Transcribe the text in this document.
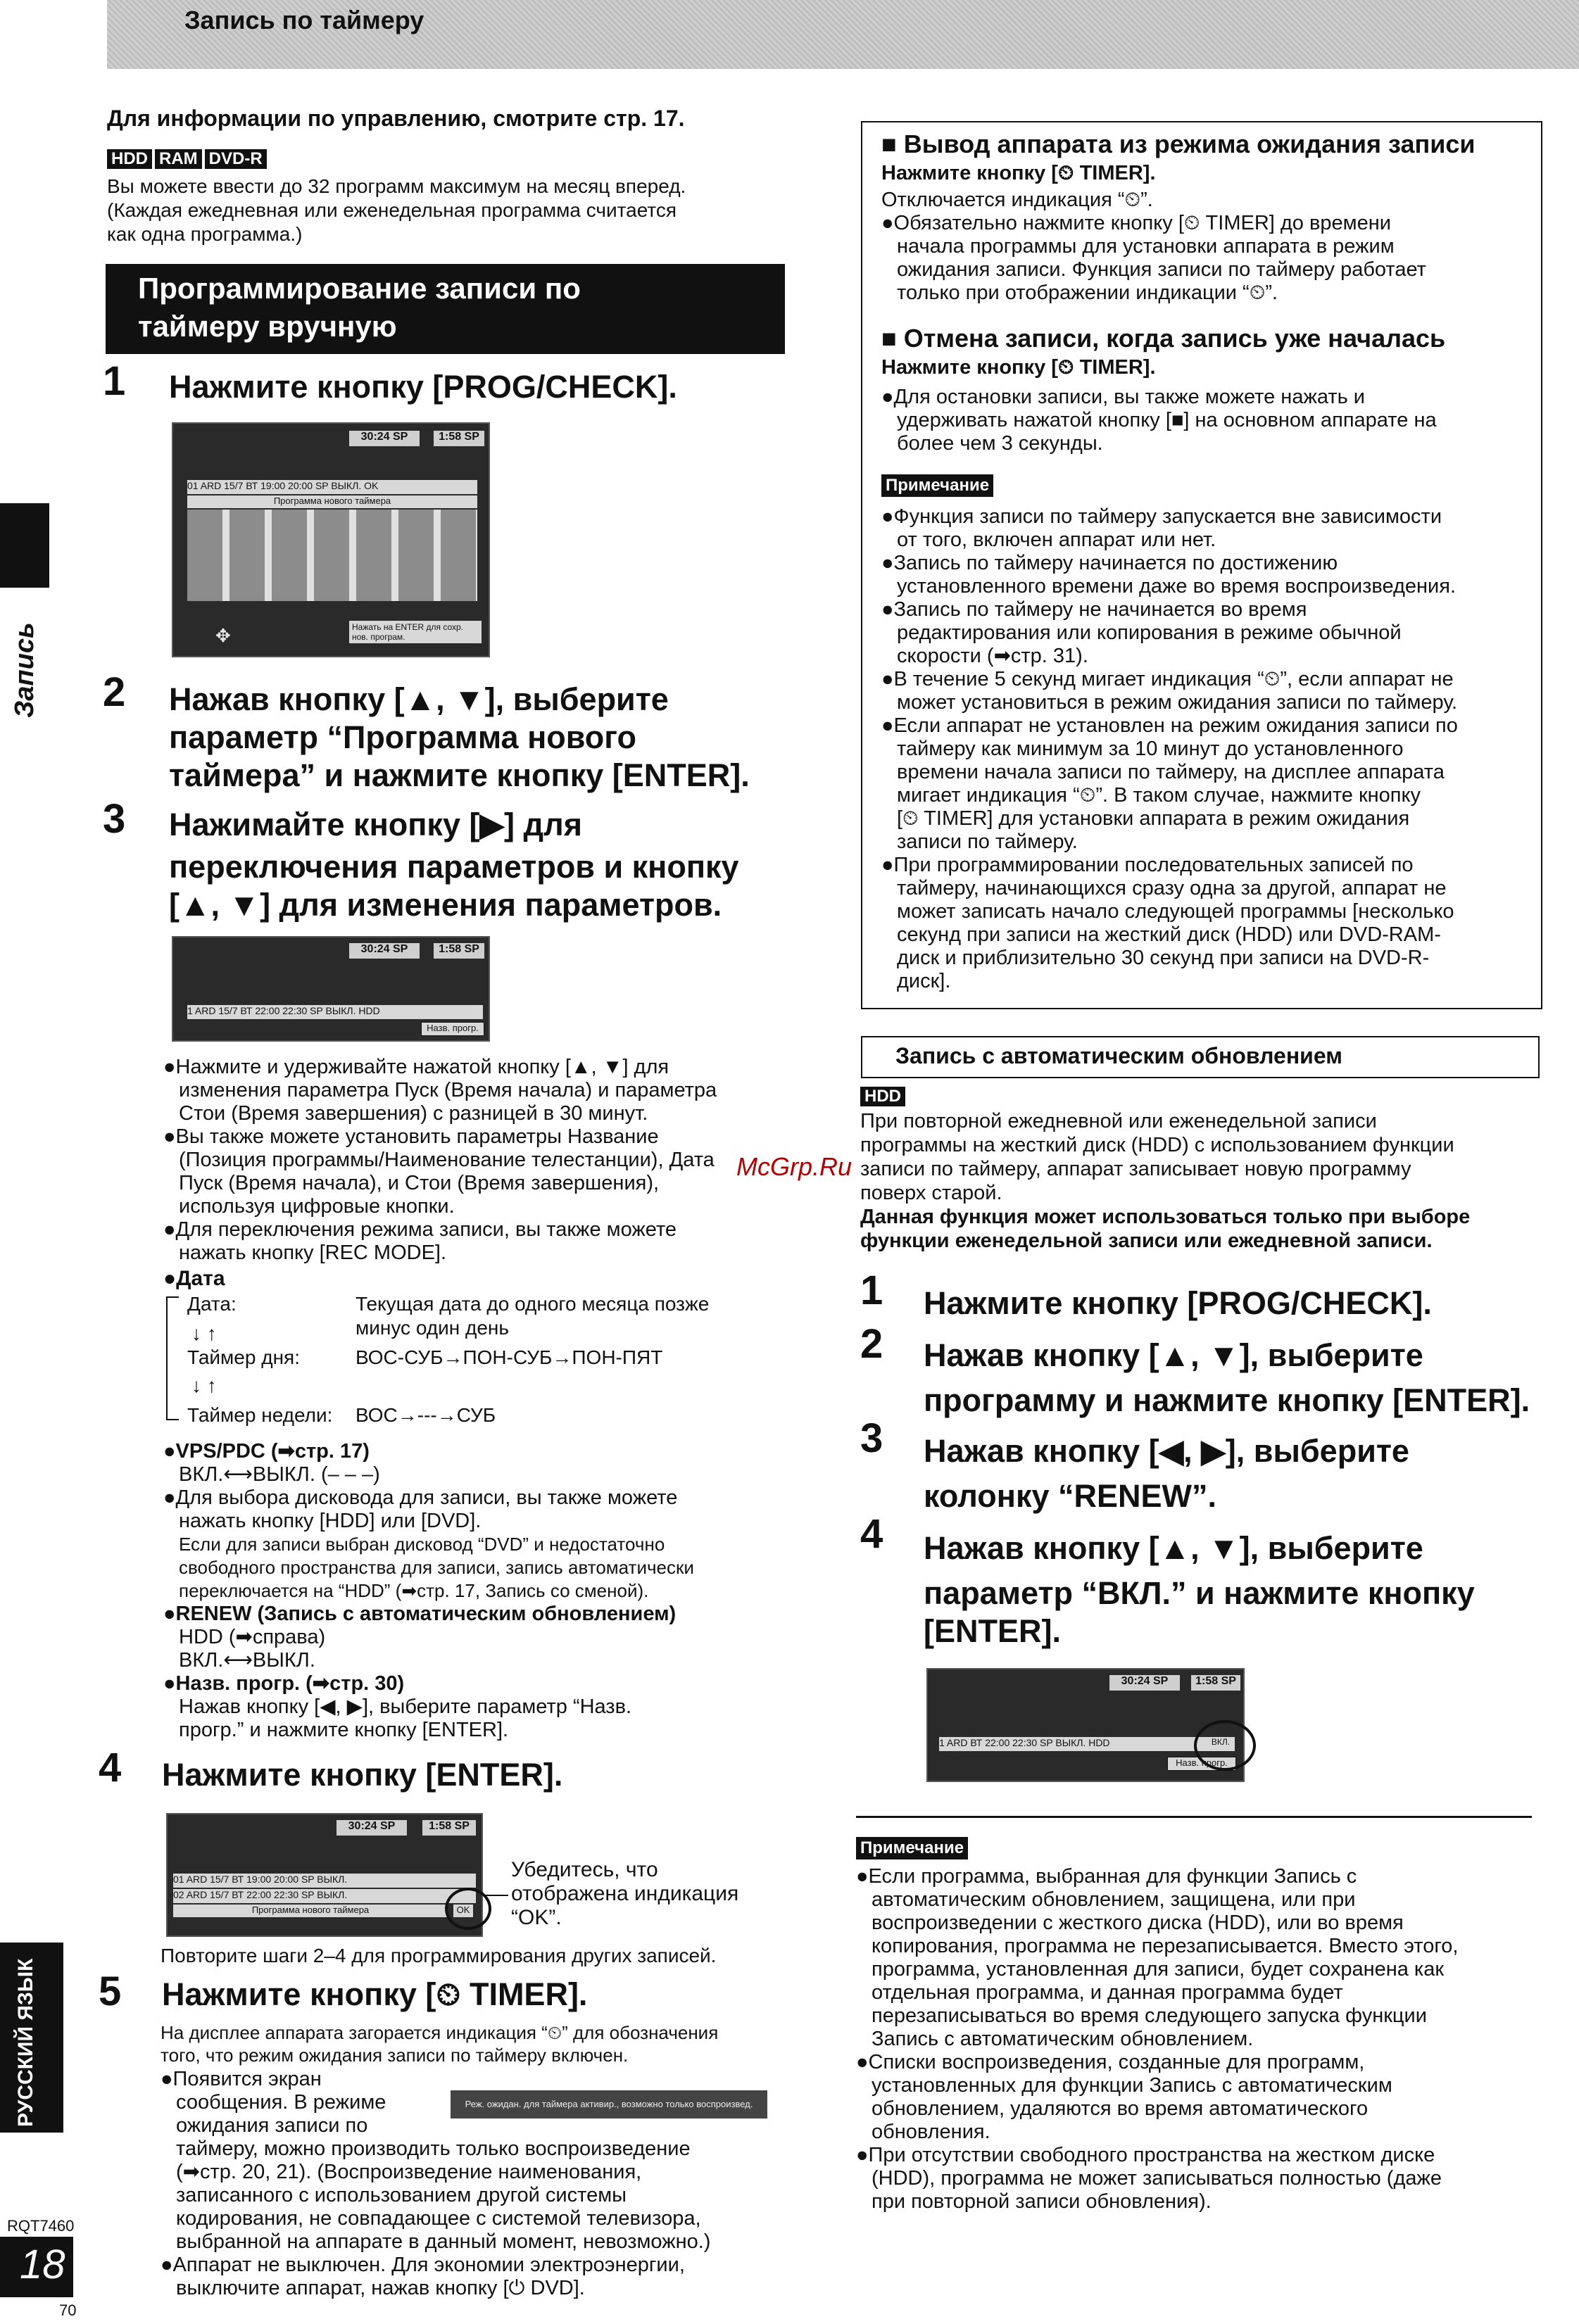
Запись по таймеру
Запись
РУССКИЙ ЯЗЫК
RQT7460
18
70
Для информации по управлению, смотрите стр. 17.
HDD RAM DVD-R
Вы можете ввести до 32 программ максимум на месяц вперед.
(Каждая ежедневная или еженедельная программа считается
как одна программа.)
Программирование записи по
таймеру вручную
1 Нажмите кнопку [PROG/CHECK].
30:24 SP	1:58 SP
01 ARD 15/7 ВТ 19:00 20:00 SP ВЫКЛ. OK
Программа нового таймера
Нажать на ENTER для сохр. нов. програм.
✥
2 Нажав кнопку [▲, ▼], выберите
параметр “Программа нового
таймера” и нажмите кнопку [ENTER].
3 Нажимайте кнопку [▶] для
переключения параметров и кнопку
[▲, ▼] для изменения параметров.
30:24 SP	1:58 SP
1 ARD 15/7 ВТ 22:00 22:30 SP ВЫКЛ. HDD
Назв. прогр.
●Нажмите и удерживайте нажатой кнопку [▲, ▼] для
изменения параметра Пуск (Время начала) и параметра
Стои (Время завершения) с разницей в 30 минут.
●Вы также можете установить параметры Название
(Позиция программы/Наименование телестанции), Дата
Пуск (Время начала), и Стои (Время завершения),
используя цифровые кнопки.
●Для переключения режима записи, вы также можете
нажать кнопку [REC MODE].
●Дата
Дата:	Текущая дата до одного месяца позже
минус один день
↓ ↑
Таймер дня:	ВОС-СУБ→ПОН-СУБ→ПОН-ПЯТ
↓ ↑
Таймер недели: ВОС→---→СУБ
●VPS/PDC (➡стр. 17)
ВКЛ.⟷ВЫКЛ. (– – –)
●Для выбора дисковода для записи, вы также можете
нажать кнопку [HDD] или [DVD].
Если для записи выбран дисковод “DVD” и недостаточно
свободного пространства для записи, запись автоматически
переключается на “HDD” (➡стр. 17, Запись со сменой).
●RENEW (Запись с автоматическим обновлением)
HDD (➡справа)
ВКЛ.⟷ВЫКЛ.
●Назв. прогр. (➡стр. 30)
Нажав кнопку [◀, ▶], выберите параметр “Назв.
прогр.” и нажмите кнопку [ENTER].
4 Нажмите кнопку [ENTER].
30:24 SP	1:58 SP
01 ARD 15/7 ВТ 19:00 20:00 SP ВЫКЛ.
02 ARD 15/7 ВТ 22:00 22:30 SP ВЫКЛ.
Программа нового таймера	OK
Убедитесь, что
отображена индикация
“OK”.
Повторите шаги 2–4 для программирования других записей.
5 Нажмите кнопку [⏲ TIMER].
На дисплее аппарата загорается индикация “⏲” для обозначения
того, что режим ожидания записи по таймеру включен.
●Появится экран
сообщения. В режиме
ожидания записи по
таймеру, можно производить только воспроизведение
(➡стр. 20, 21). (Воспроизведение наименования,
записанного с использованием другой системы
кодирования, не совпадающее с системой телевизора,
выбранной на аппарате в данный момент, невозможно.)
●Аппарат не выключен. Для экономии электроэнергии,
выключите аппарат, нажав кнопку [⏻ DVD].
Реж. ожидан. для таймера активир., возможно только воспроизвед.
■ Вывод аппарата из режима ожидания записи
Нажмите кнопку [⏲ TIMER].
Отключается индикация “⏲”.
●Обязательно нажмите кнопку [⏲ TIMER] до времени
начала программы для установки аппарата в режим
ожидания записи. Функция записи по таймеру работает
только при отображении индикации “⏲”.
■ Отмена записи, когда запись уже началась
Нажмите кнопку [⏲ TIMER].
●Для остановки записи, вы также можете нажать и
удерживать нажатой кнопку [■] на основном аппарате на
более чем 3 секунды.
Примечание
●Функция записи по таймеру запускается вне зависимости
от того, включен аппарат или нет.
●Запись по таймеру начинается по достижению
установленного времени даже во время воспроизведения.
●Запись по таймеру не начинается во время
редактирования или копирования в режиме обычной
скорости (➡стр. 31).
●В течение 5 секунд мигает индикация “⏲”, если аппарат не
может установиться в режим ожидания записи по таймеру.
●Если аппарат не установлен на режим ожидания записи по
таймеру как минимум за 10 минут до установленного
времени начала записи по таймеру, на дисплее аппарата
мигает индикация “⏲”. В таком случае, нажмите кнопку
[⏲ TIMER] для установки аппарата в режим ожидания
записи по таймеру.
●При программировании последовательных записей по
таймеру, начинающихся сразу одна за другой, аппарат не
может записать начало следующей программы [несколько
секунд при записи на жесткий диск (HDD) или DVD-RAM-
диск и приблизительно 30 секунд при записи на DVD-R-
диск].
Запись с автоматическим обновлением
HDD
При повторной ежедневной или еженедельной записи
программы на жесткий диск (HDD) с использованием функции
записи по таймеру, аппарат записывает новую программу
поверх старой.
Данная функция может использоваться только при выборе
функции еженедельной записи или ежедневной записи.
1 Нажмите кнопку [PROG/CHECK].
2 Нажав кнопку [▲, ▼], выберите
программу и нажмите кнопку [ENTER].
3 Нажав кнопку [◀, ▶], выберите
колонку “RENEW”.
4 Нажав кнопку [▲, ▼], выберите
параметр “ВКЛ.” и нажмите кнопку
[ENTER].
30:24 SP	1:58 SP
1 ARD ВТ 22:00 22:30 SP ВЫКЛ. HDD	ВКЛ.
Назв. прогр.
Примечание
●Если программа, выбранная для функции Запись с
автоматическим обновлением, защищена, или при
воспроизведении с жесткого диска (HDD), или во время
копирования, программа не перезаписывается. Вместо этого,
программа, установленная для записи, будет сохранена как
отдельная программа, и данная программа будет
перезаписываться во время следующего запуска функции
Запись с автоматическим обновлением.
●Списки воспроизведения, созданные для программ,
установленных для функции Запись с автоматическим
обновлением, удаляются во время автоматического
обновления.
●При отсутствии свободного пространства на жестком диске
(HDD), программа не может записываться полностью (даже
при повторной записи обновления).
McGrp.Ru
